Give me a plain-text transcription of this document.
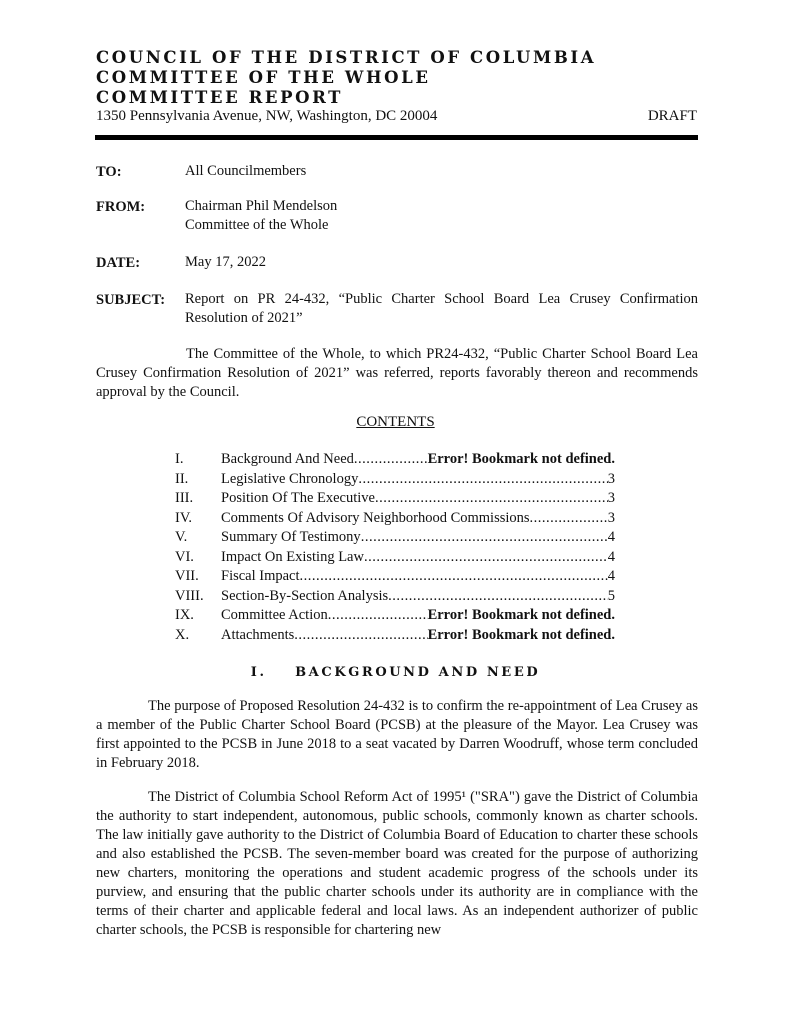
COUNCIL OF THE DISTRICT OF COLUMBIA
COMMITTEE OF THE WHOLE
COMMITTEE REPORT
1350 Pennsylvania Avenue, NW, Washington, DC 20004	DRAFT
TO:	All Councilmembers
FROM:	Chairman Phil Mendelson
Committee of the Whole
DATE:	May 17, 2022
SUBJECT: Report on PR 24-432, “Public Charter School Board Lea Crusey Confirmation Resolution of 2021”
The Committee of the Whole, to which PR24-432, “Public Charter School Board Lea Crusey Confirmation Resolution of 2021” was referred, reports favorably thereon and recommends approval by the Council.
CONTENTS
I.	Background And Need .....	Error! Bookmark not defined.
II.	Legislative Chronology .....	3
III.	Position Of The Executive .....	3
IV.	Comments Of Advisory Neighborhood Commissions .....	3
V.	Summary Of Testimony .....	4
VI.	Impact On Existing Law .....	4
VII.	Fiscal Impact .....	4
VIII.	Section-By-Section Analysis .....	5
IX.	Committee Action .....	Error! Bookmark not defined.
X.	Attachments .....	Error! Bookmark not defined.
I.    BACKGROUND AND NEED
The purpose of Proposed Resolution 24-432 is to confirm the re-appointment of Lea Crusey as a member of the Public Charter School Board (PCSB) at the pleasure of the Mayor. Lea Crusey was first appointed to the PCSB in June 2018 to a seat vacated by Darren Woodruff, whose term concluded in February 2018.
The District of Columbia School Reform Act of 1995¹ ("SRA") gave the District of Columbia the authority to start independent, autonomous, public schools, commonly known as charter schools. The law initially gave authority to the District of Columbia Board of Education to charter these schools and also established the PCSB. The seven-member board was created for the purpose of authorizing new charters, monitoring the operations and student academic progress of the schools under its purview, and ensuring that the public charter schools under its authority are in compliance with the terms of their charter and applicable federal and local laws. As an independent authorizer of public charter schools, the PCSB is responsible for chartering new
